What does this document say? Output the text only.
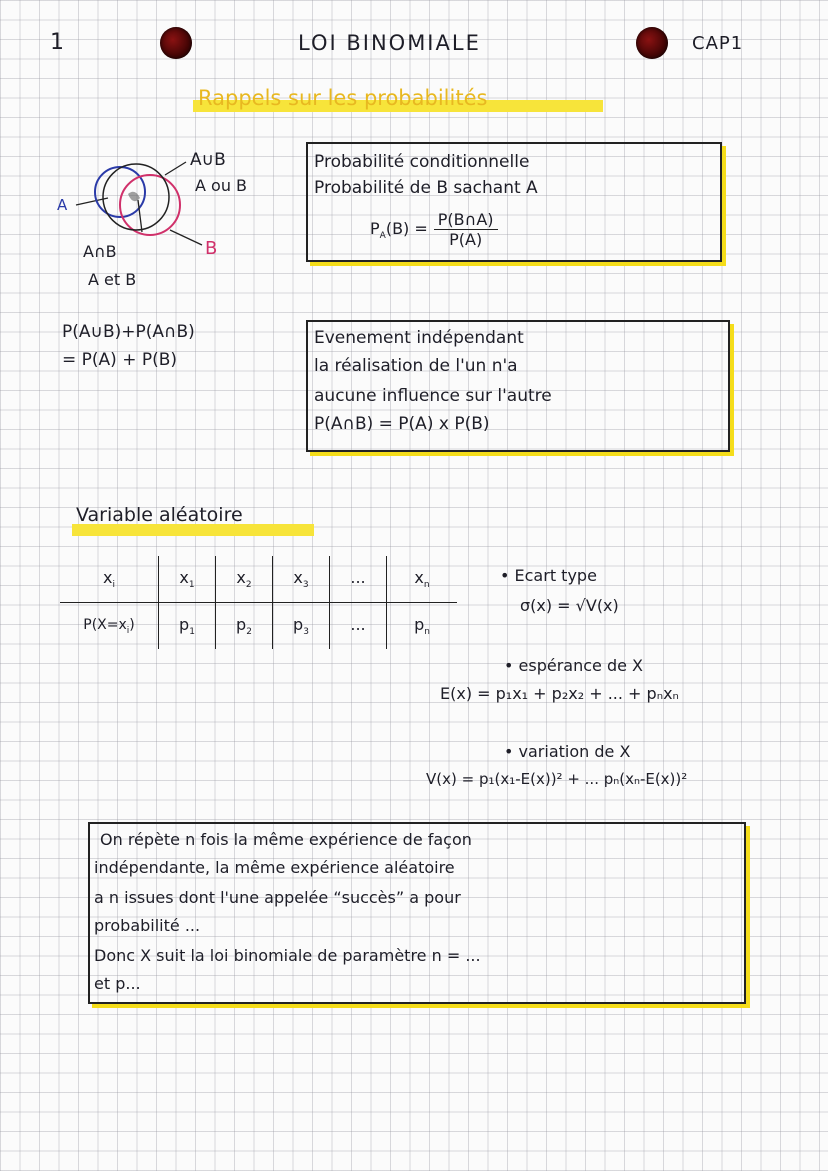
1	LOI BINOMIALE	CAP1
Rappels sur les probabilités
A∪B
A ou B
A
B
A∩B
A et B
Probabilité conditionnelle
Probabilité de B sachant A
$P_A(B) = \frac{P(B\cap A)}{P(A)}$
P(A∪B)+P(A∩B)
= P(A) + P(B)
Evenement indépendant
la réalisation de l'un n'a
aucune influence sur l'autre
P(A∩B) = P(A) x P(B)
Variable aléatoire
$x_i$	$x_1$	$x_2$	$x_3$	...	$x_n$
$P(X=x_i)$	$p_1$	$p_2$	$p_3$	...	$p_n$
• Ecart type
σ(x) = √V(x)
• espérance de X
E(x) = p₁x₁ + p₂x₂ + ... + pₙxₙ
• variation de X
V(x) = p₁(x₁-E(x))² + ... pₙ(xₙ-E(x))²
On répète n fois la même expérience de façon
indépendante, la même expérience aléatoire
a n issues dont l'une appelée “succès” a pour
probabilité ...
Donc X suit la loi binomiale de paramètre n = ...
et p...
